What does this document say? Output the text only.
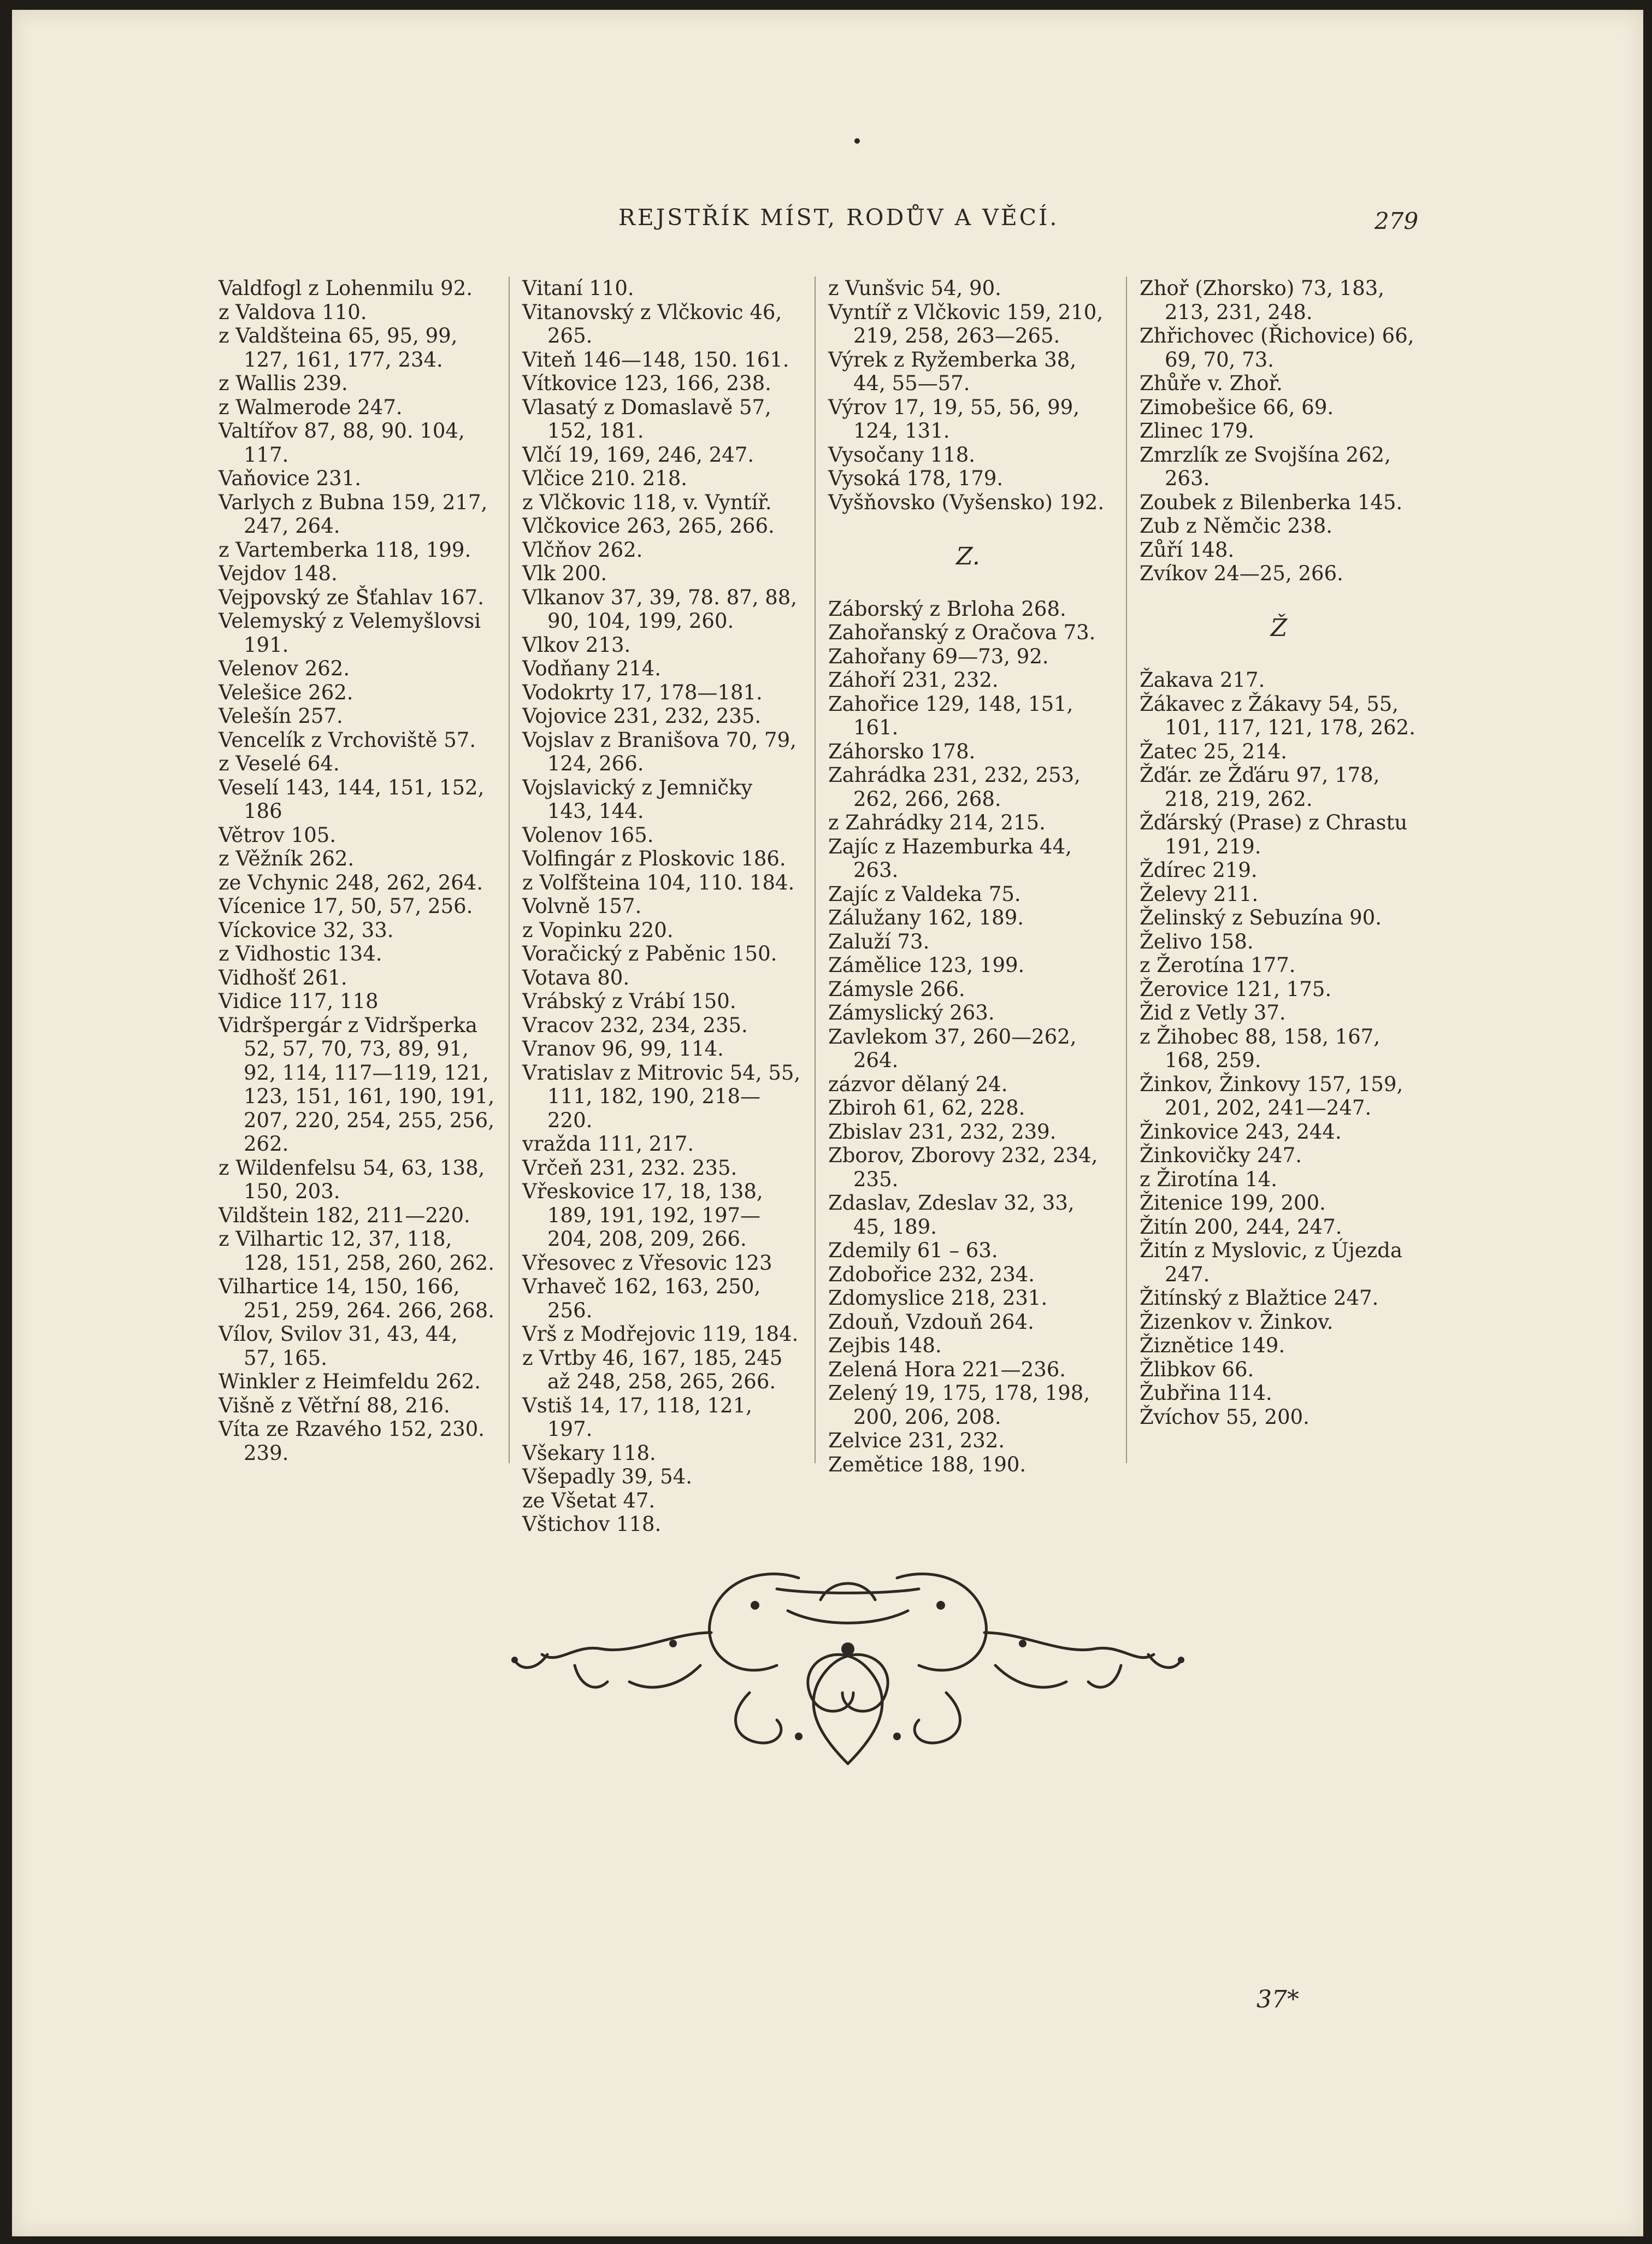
REJSTŘÍK MÍST, RODŮV A VĚCÍ.	279

Valdfogl z Lohenmilu 92.

z Valdova 110.

z Valdšteina 65, 95, 99, 127, 161, 177, 234.

z Wallis 239.

z Walmerode 247.

Valtířov 87, 88, 90. 104, 117.

Vaňovice 231.

Varlych z Bubna 159, 217, 247, 264.

z Vartemberka 118, 199.

Vejdov 148.

Vejpovský ze Šťahlav 167.

Velemyský z Velemyšlovsi 191.

Velenov 262.

Velešice 262.

Velešín 257.

Vencelík z Vrchoviště 57.

z Veselé 64.

Veselí 143, 144, 151, 152, 186

Větrov 105.

z Věžník 262.

ze Vchynic 248, 262, 264.

Vícenice 17, 50, 57, 256.

Víckovice 32, 33.

z Vidhostic 134.

Vidhošť 261.

Vidice 117, 118

Vidršpergár z Vidršperka 52, 57, 70, 73, 89, 91, 92, 114, 117—119, 121, 123, 151, 161, 190, 191, 207, 220, 254, 255, 256, 262.

z Wildenfelsu 54, 63, 138, 150, 203.

Vildštein 182, 211—220.

z Vilhartic 12, 37, 118, 128, 151, 258, 260, 262.

Vilhartice 14, 150, 166, 251, 259, 264. 266, 268.

Vílov, Svilov 31, 43, 44, 57, 165.

Winkler z Heimfeldu 262.

Višně z Větřní 88, 216.

Víta ze Rzavého 152, 230. 239.

Vitaní 110.

Vitanovský z Vlčkovic 46, 265.

Viteň 146—148, 150. 161.

Vítkovice 123, 166, 238.

Vlasatý z Domaslavě 57, 152, 181.

Vlčí 19, 169, 246, 247.

Vlčice 210. 218.

z Vlčkovic 118, v. Vyntíř.

Vlčkovice 263, 265, 266.

Vlčňov 262.

Vlk 200.

Vlkanov 37, 39, 78. 87, 88, 90, 104, 199, 260.

Vlkov 213.

Vodňany 214.

Vodokrty 17, 178—181.

Vojovice 231, 232, 235.

Vojslav z Branišova 70, 79, 124, 266.

Vojslavický z Jemničky 143, 144.

Volenov 165.

Volfingár z Ploskovic 186.

z Volfšteina 104, 110. 184.

Volvně 157.

z Vopinku 220.

Voračický z Paběnic 150.

Votava 80.

Vrábský z Vrábí 150.

Vracov 232, 234, 235.

Vranov 96, 99, 114.

Vratislav z Mitrovic 54, 55, 111, 182, 190, 218—220.

vražda 111, 217.

Vrčeň 231, 232. 235.

Vřeskovice 17, 18, 138, 189, 191, 192, 197—204, 208, 209, 266.

Vřesovec z Vřesovic 123

Vrhaveč 162, 163, 250, 256.

Vrš z Modřejovic 119, 184.

z Vrtby 46, 167, 185, 245 až 248, 258, 265, 266.

Vstiš 14, 17, 118, 121, 197.

Všekary 118.

Všepadly 39, 54.

ze Všetat 47.

Vštichov 118.

z Vunšvic 54, 90.

Vyntíř z Vlčkovic 159, 210, 219, 258, 263—265.

Výrek z Ryžemberka 38, 44, 55—57.

Výrov 17, 19, 55, 56, 99, 124, 131.

Vysočany 118.

Vysoká 178, 179.

Vyšňovsko (Vyšensko) 192.

Z.

Záborský z Brloha 268.

Zahořanský z Oračova 73.

Zahořany 69—73, 92.

Záhoří 231, 232.

Zahořice 129, 148, 151, 161.

Záhorsko 178.

Zahrádka 231, 232, 253, 262, 266, 268.

z Zahrádky 214, 215.

Zajíc z Hazemburka 44, 263.

Zajíc z Valdeka 75.

Zálužany 162, 189.

Zaluží 73.

Zámělice 123, 199.

Zámysle 266.

Zámyslický 263.

Zavlekom 37, 260—262, 264.

zázvor dělaný 24.

Zbiroh 61, 62, 228.

Zbislav 231, 232, 239.

Zborov, Zborovy 232, 234, 235.

Zdaslav, Zdeslav 32, 33, 45, 189.

Zdemily 61 – 63.

Zdobořice 232, 234.

Zdomyslice 218, 231.

Zdouň, Vzdouň 264.

Zejbis 148.

Zelená Hora 221—236.

Zelený 19, 175, 178, 198, 200, 206, 208.

Zelvice 231, 232.

Zemětice 188, 190.

Zhoř (Zhorsko) 73, 183, 213, 231, 248.

Zhřichovec (Řichovice) 66, 69, 70, 73.

Zhůře v. Zhoř.

Zimobešice 66, 69.

Zlinec 179.

Zmrzlík ze Svojšína 262, 263.

Zoubek z Bilenberka 145.

Zub z Němčic 238.

Zůří 148.

Zvíkov 24—25, 266.

Ž

Žakava 217.

Žákavec z Žákavy 54, 55, 101, 117, 121, 178, 262.

Žatec 25, 214.

Žďár. ze Žďáru 97, 178, 218, 219, 262.

Žďárský (Prase) z Chrastu 191, 219.

Ždírec 219.

Želevy 211.

Želinský z Sebuzína 90.

Želivo 158.

z Žerotína 177.

Žerovice 121, 175.

Žid z Vetly 37.

z Žihobec 88, 158, 167, 168, 259.

Žinkov, Žinkovy 157, 159, 201, 202, 241—247.

Žinkovice 243, 244.

Žinkovičky 247.

z Žirotína 14.

Žitenice 199, 200.

Žitín 200, 244, 247.

Žitín z Myslovic, z Újezda 247.

Žitínský z Blažtice 247.

Žizenkov v. Žinkov.

Žiznětice 149.

Žlibkov 66.

Žubřina 114.

Žvíchov 55, 200.

37*
